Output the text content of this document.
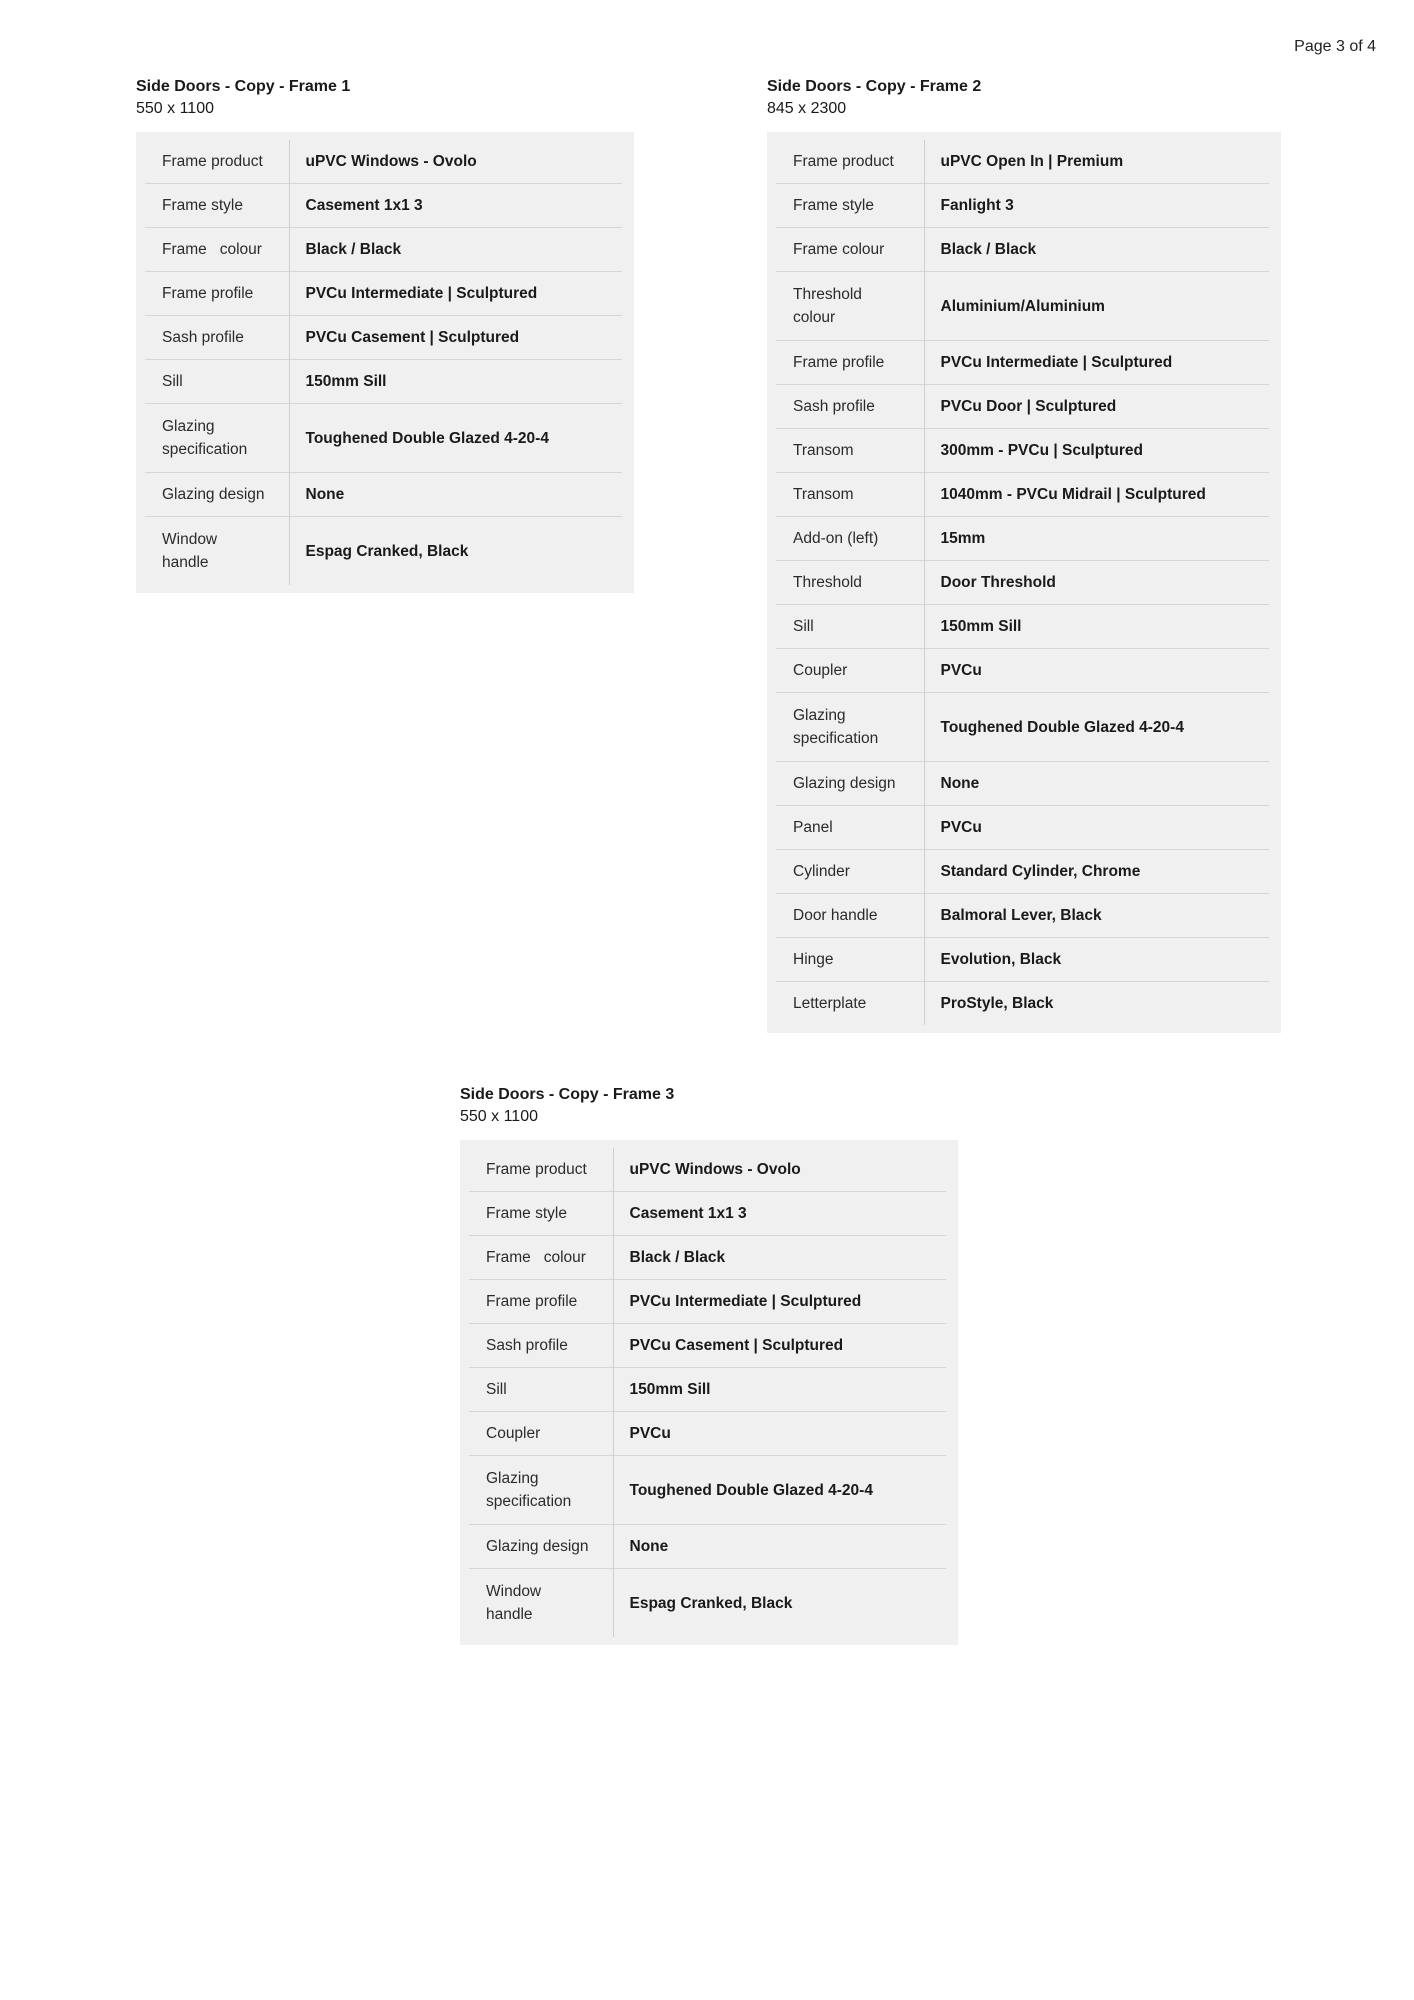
Page 3 of 4

Side Doors - Copy - Frame 1

550 x 1100

Frame product	uPVC Windows - Ovolo
Frame style	Casement 1x1 3
Frame   colour	Black / Black
Frame profile	PVCu Intermediate | Sculptured
Sash profile	PVCu Casement | Sculptured
Sill	150mm Sill
Glazing
specification	Toughened Double Glazed 4-20-4
Glazing design	None
Window
handle	Espag Cranked, Black

Side Doors - Copy - Frame 2

845 x 2300

Frame product	uPVC Open In | Premium
Frame style	Fanlight 3
Frame colour	Black / Black
Threshold
colour	Aluminium/Aluminium
Frame profile	PVCu Intermediate | Sculptured
Sash profile	PVCu Door | Sculptured
Transom	300mm - PVCu | Sculptured
Transom	1040mm - PVCu Midrail | Sculptured
Add-on (left)	15mm
Threshold	Door Threshold
Sill	150mm Sill
Coupler	PVCu
Glazing
specification	Toughened Double Glazed 4-20-4
Glazing design	None
Panel	PVCu
Cylinder	Standard Cylinder, Chrome
Door handle	Balmoral Lever, Black
Hinge	Evolution, Black
Letterplate	ProStyle, Black

Side Doors - Copy - Frame 3

550 x 1100

Frame product	uPVC Windows - Ovolo
Frame style	Casement 1x1 3
Frame   colour	Black / Black
Frame profile	PVCu Intermediate | Sculptured
Sash profile	PVCu Casement | Sculptured
Sill	150mm Sill
Coupler	PVCu
Glazing
specification	Toughened Double Glazed 4-20-4
Glazing design	None
Window
handle	Espag Cranked, Black
